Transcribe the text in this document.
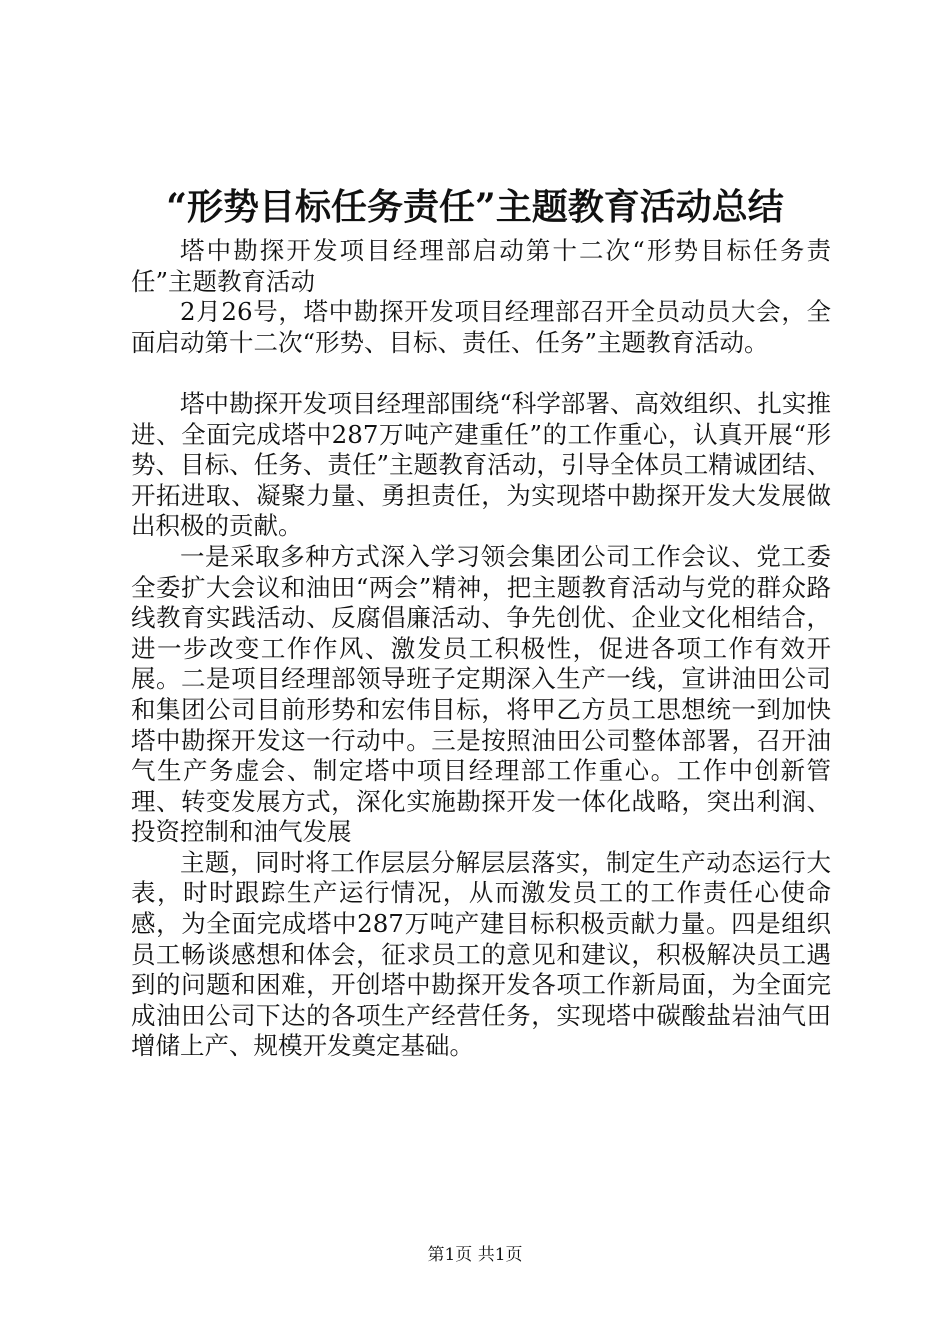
“形势目标任务责任”主题教育活动总结

塔中勘探开发项目经理部启动第十二次“形势目标任务责任”主题教育活动

2月26号，塔中勘探开发项目经理部召开全员动员大会，全面启动第十二次“形势、目标、责任、任务”主题教育活动。

塔中勘探开发项目经理部围绕“科学部署、高效组织、扎实推进、全面完成塔中287万吨产建重任”的工作重心，认真开展“形势、目标、任务、责任”主题教育活动，引导全体员工精诚团结、开拓进取、凝聚力量、勇担责任，为实现塔中勘探开发大发展做出积极的贡献。

一是采取多种方式深入学习领会集团公司工作会议、党工委全委扩大会议和油田“两会”精神，把主题教育活动与党的群众路线教育实践活动、反腐倡廉活动、争先创优、企业文化相结合，进一步改变工作作风、激发员工积极性，促进各项工作有效开展。二是项目经理部领导班子定期深入生产一线，宣讲油田公司和集团公司目前形势和宏伟目标，将甲乙方员工思想统一到加快塔中勘探开发这一行动中。三是按照油田公司整体部署，召开油气生产务虚会、制定塔中项目经理部工作重心。工作中创新管理、转变发展方式，深化实施勘探开发一体化战略，突出利润、投资控制和油气发展

主题，同时将工作层层分解层层落实，制定生产动态运行大表，时时跟踪生产运行情况，从而激发员工的工作责任心使命感，为全面完成塔中287万吨产建目标积极贡献力量。四是组织员工畅谈感想和体会，征求员工的意见和建议，积极解决员工遇到的问题和困难，开创塔中勘探开发各项工作新局面，为全面完成油田公司下达的各项生产经营任务，实现塔中碳酸盐岩油气田增储上产、规模开发奠定基础。

第1页 共1页
